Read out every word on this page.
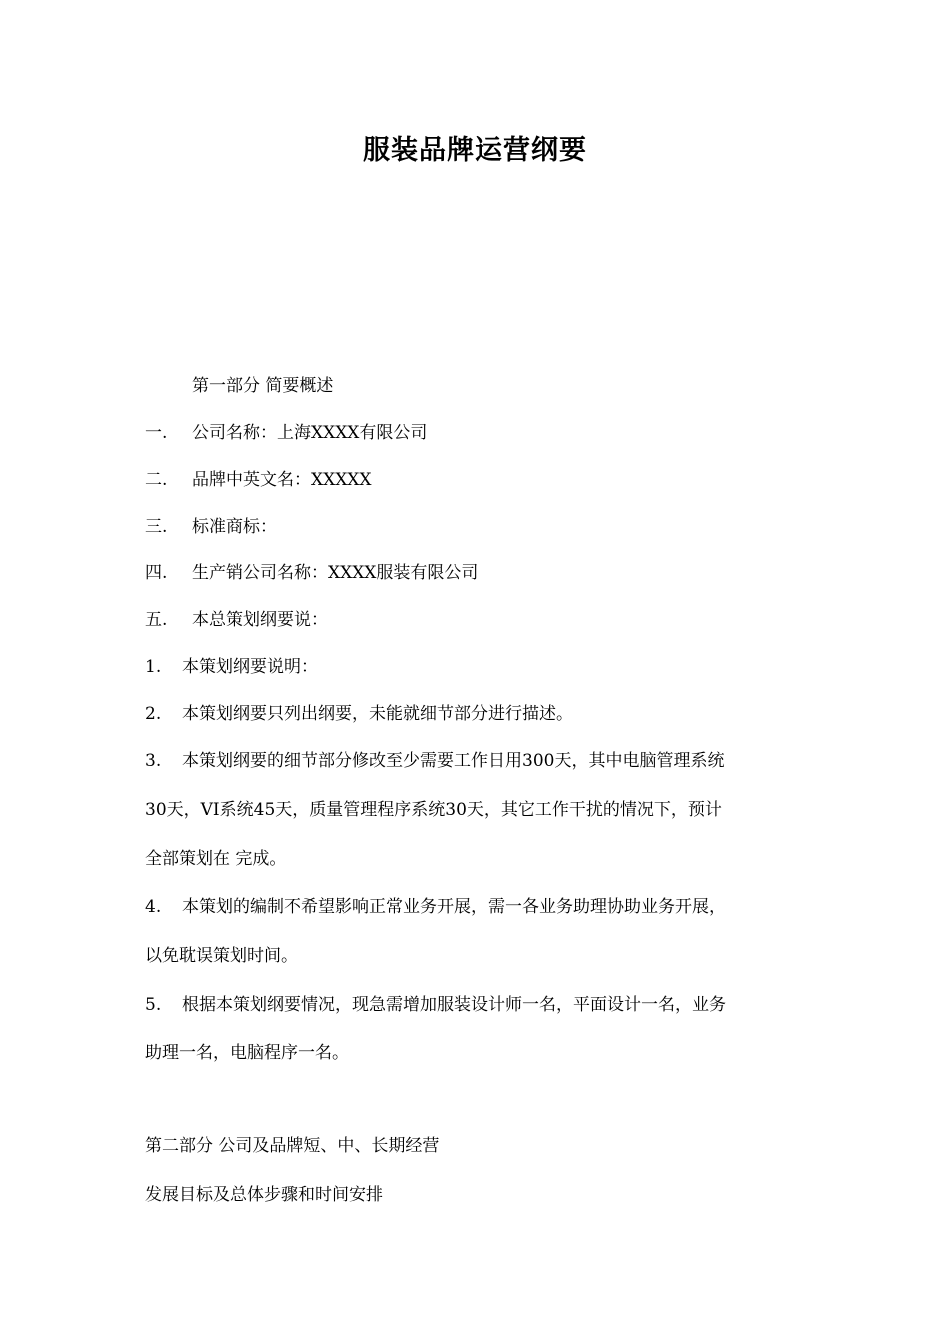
服装品牌运营纲要
第一部分 简要概述
一. 公司名称：上海XXXX有限公司
二. 品牌中英文名：XXXXX
三. 标准商标：
四. 生产销公司名称：XXXX服装有限公司
五. 本总策划纲要说：
1. 本策划纲要说明：
2. 本策划纲要只列出纲要，未能就细节部分进行描述。
3. 本策划纲要的细节部分修改至少需要工作日用300天，其中电脑管理系统
30天，VI系统45天，质量管理程序系统30天，其它工作干扰的情况下，预计
全部策划在 完成。
4. 本策划的编制不希望影响正常业务开展，需一各业务助理协助业务开展，
以免耽误策划时间。
5. 根据本策划纲要情况，现急需增加服装设计师一名，平面设计一名，业务
助理一名，电脑程序一名。
第二部分 公司及品牌短、中、长期经营
发展目标及总体步骤和时间安排
